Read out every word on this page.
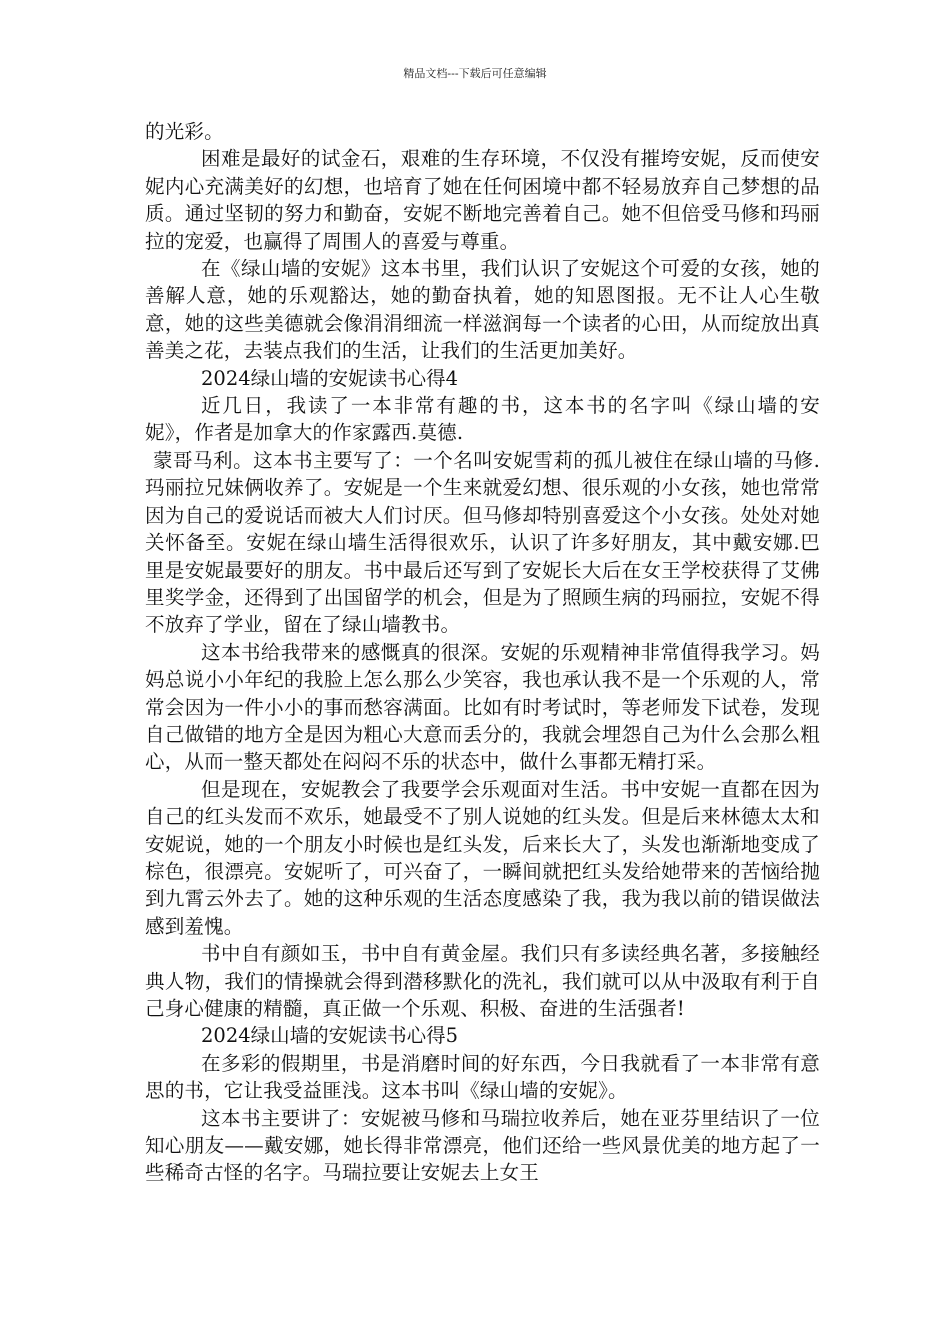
精品文档---下载后可任意编辑

的光彩。

困难是最好的试金石，艰难的生存环境，不仅没有摧垮安妮，反而使安妮内心充满美好的幻想，也培育了她在任何困境中都不轻易放弃自己梦想的品质。通过坚韧的努力和勤奋，安妮不断地完善着自己。她不但倍受马修和玛丽拉的宠爱，也赢得了周围人的喜爱与尊重。

在《绿山墙的安妮》这本书里，我们认识了安妮这个可爱的女孩，她的善解人意，她的乐观豁达，她的勤奋执着，她的知恩图报。无不让人心生敬意，她的这些美德就会像涓涓细流一样滋润每一个读者的心田，从而绽放出真善美之花，去装点我们的生活，让我们的生活更加美好。

2024绿山墙的安妮读书心得4

近几日，我读了一本非常有趣的书，这本书的名字叫《绿山墙的安妮》，作者是加拿大的作家露西.莫德.

蒙哥马利。这本书主要写了：一个名叫安妮雪莉的孤儿被住在绿山墙的马修.玛丽拉兄妹俩收养了。安妮是一个生来就爱幻想、很乐观的小女孩，她也常常因为自己的爱说话而被大人们讨厌。但马修却特别喜爱这个小女孩。处处对她关怀备至。安妮在绿山墙生活得很欢乐，认识了许多好朋友，其中戴安娜.巴里是安妮最要好的朋友。书中最后还写到了安妮长大后在女王学校获得了艾佛里奖学金，还得到了出国留学的机会，但是为了照顾生病的玛丽拉，安妮不得不放弃了学业，留在了绿山墙教书。

这本书给我带来的感慨真的很深。安妮的乐观精神非常值得我学习。妈妈总说小小年纪的我脸上怎么那么少笑容，我也承认我不是一个乐观的人，常常会因为一件小小的事而愁容满面。比如有时考试时，等老师发下试卷，发现自己做错的地方全是因为粗心大意而丢分的，我就会埋怨自己为什么会那么粗心，从而一整天都处在闷闷不乐的状态中，做什么事都无精打采。

但是现在，安妮教会了我要学会乐观面对生活。书中安妮一直都在因为自己的红头发而不欢乐，她最受不了别人说她的红头发。但是后来林德太太和安妮说，她的一个朋友小时候也是红头发，后来长大了，头发也渐渐地变成了棕色，很漂亮。安妮听了，可兴奋了，一瞬间就把红头发给她带来的苦恼给抛到九霄云外去了。她的这种乐观的生活态度感染了我，我为我以前的错误做法感到羞愧。

书中自有颜如玉，书中自有黄金屋。我们只有多读经典名著，多接触经典人物，我们的情操就会得到潜移默化的洗礼，我们就可以从中汲取有利于自己身心健康的精髓，真正做一个乐观、积极、奋进的生活强者!

2024绿山墙的安妮读书心得5

在多彩的假期里，书是消磨时间的好东西，今日我就看了一本非常有意思的书，它让我受益匪浅。这本书叫《绿山墙的安妮》。

这本书主要讲了：安妮被马修和马瑞拉收养后，她在亚芬里结识了一位知心朋友——戴安娜，她长得非常漂亮，他们还给一些风景优美的地方起了一些稀奇古怪的名字。马瑞拉要让安妮去上女王
